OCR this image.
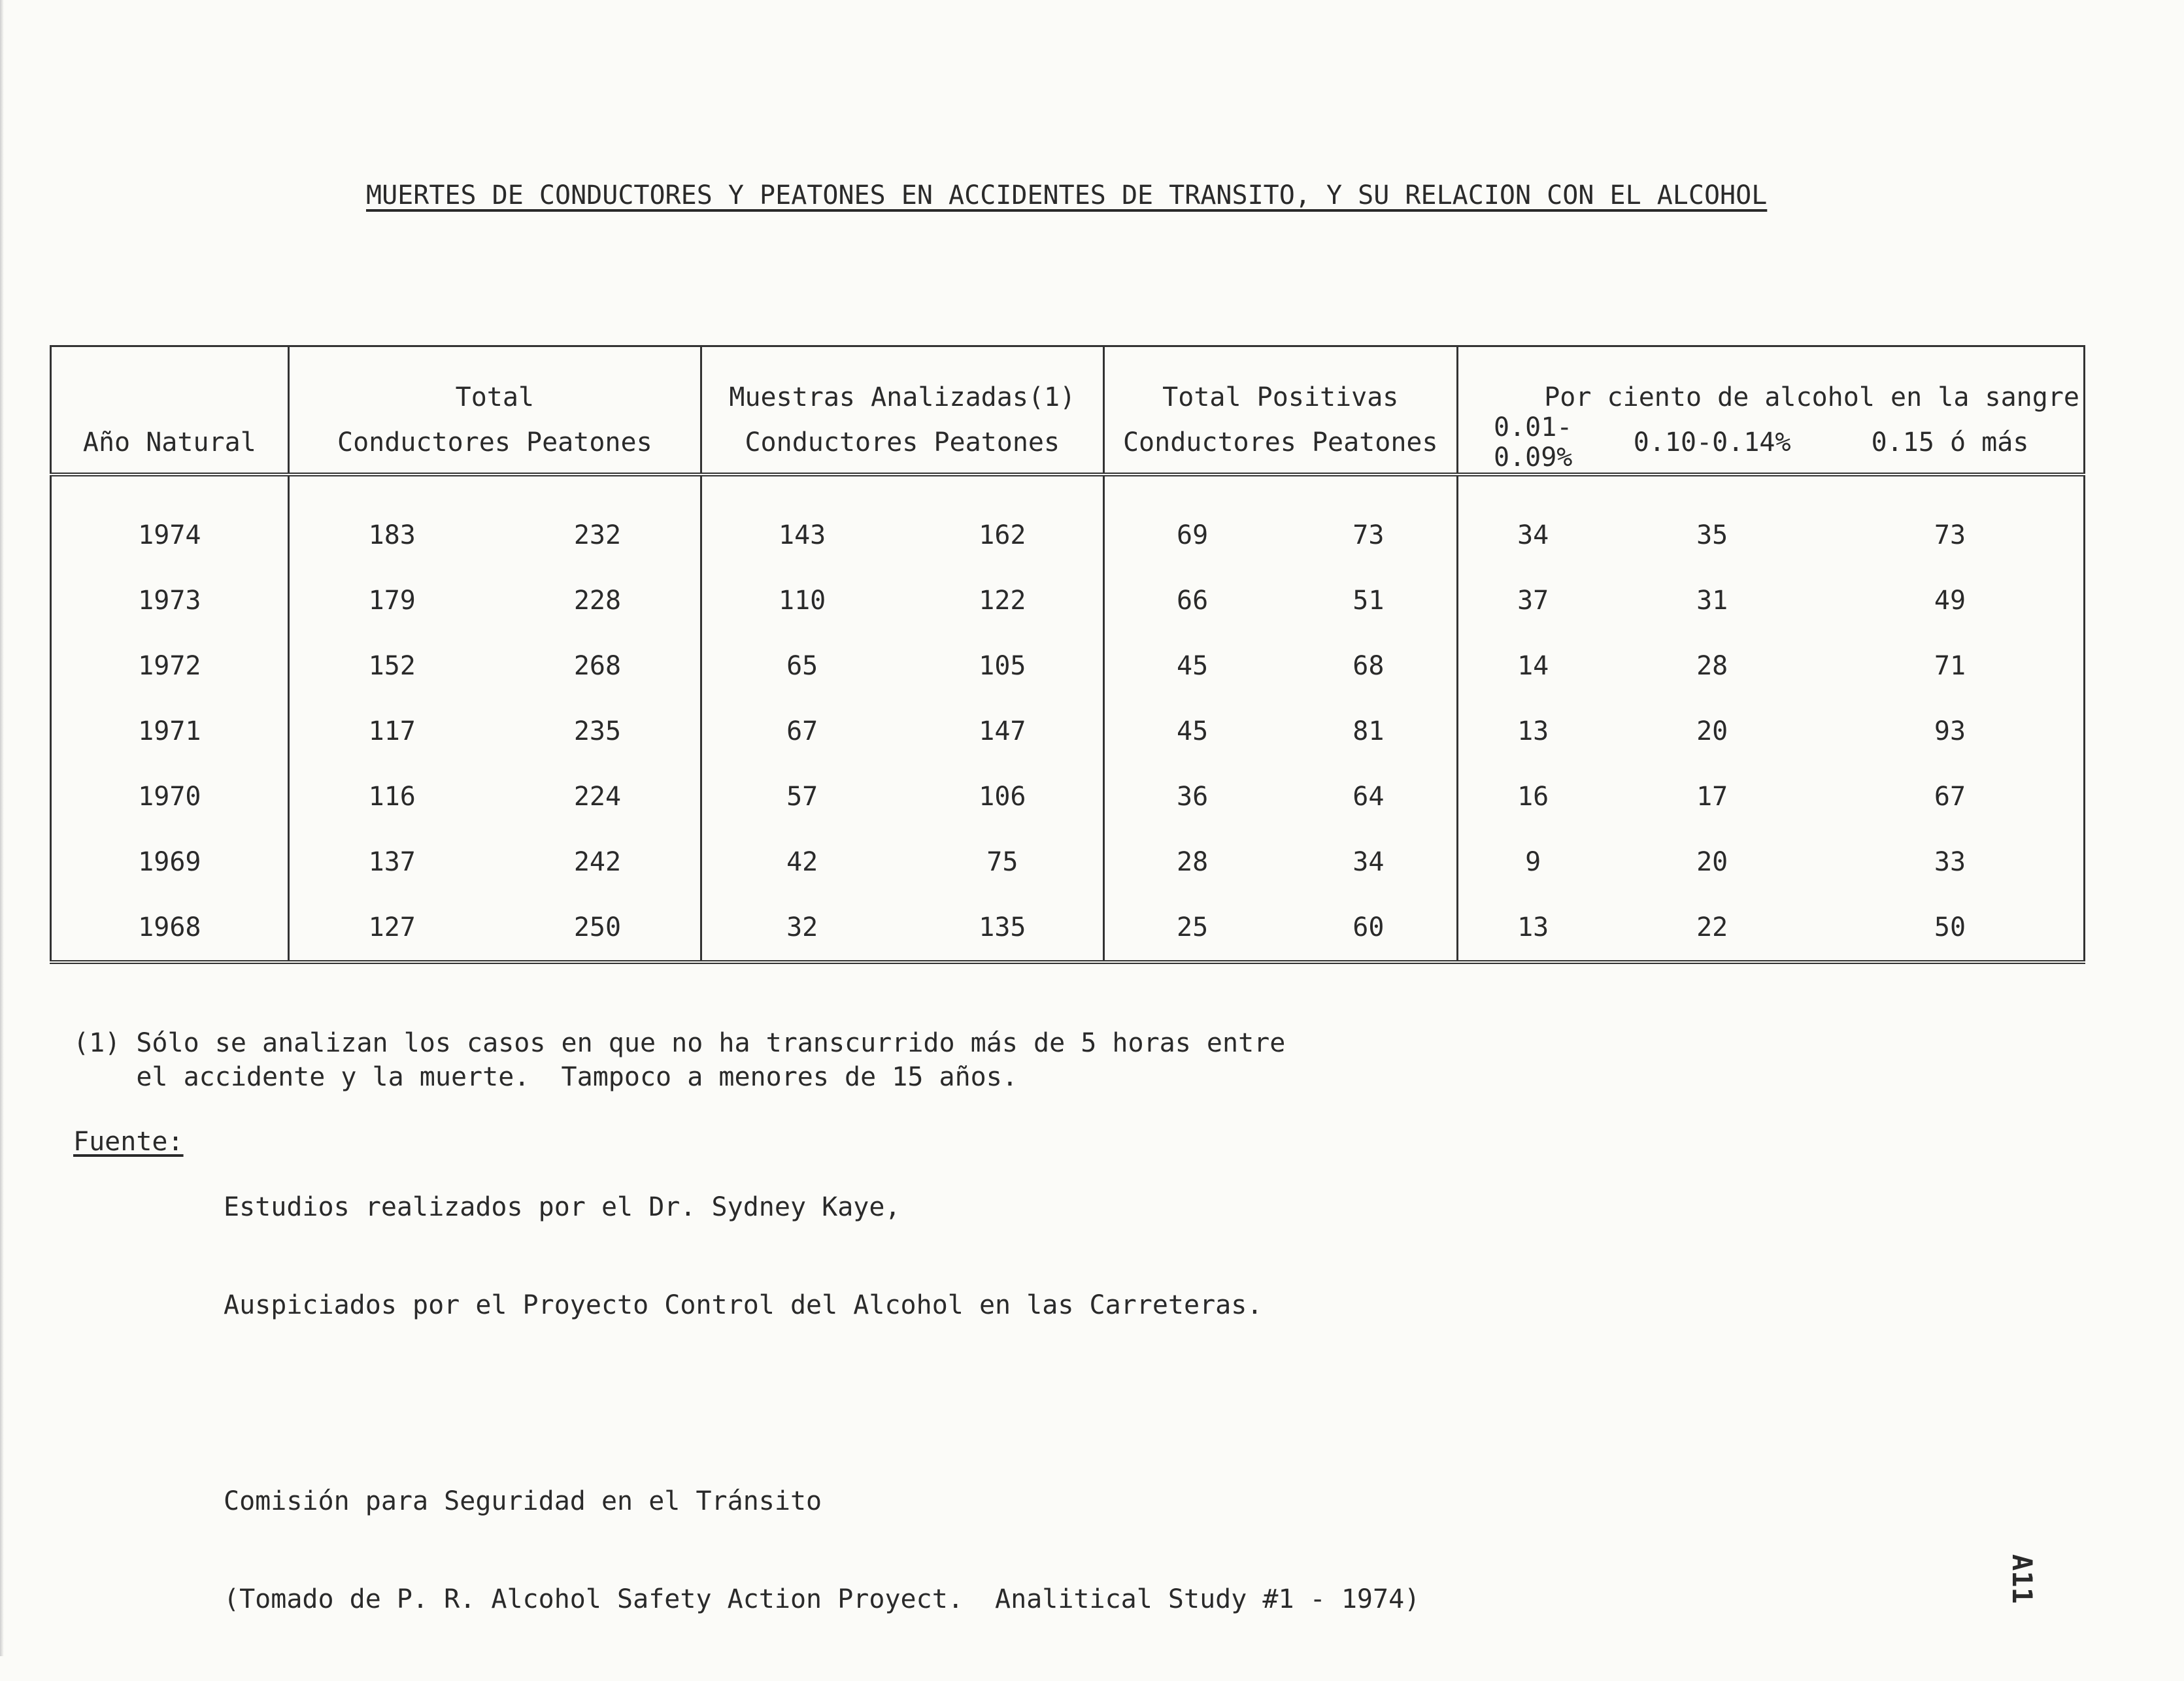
MUERTES DE CONDUCTORES Y PEATONES EN ACCIDENTES DE TRANSITO, Y SU RELACION CON EL ALCOHOL
	Total	Muestras Analizadas(1)	Total Positivas	Por ciento de alcohol en la sangre		
Año Natural	Conductores Peatones	Conductores Peatones	Conductores Peatones	0.01-0.09%	0.10-0.14%	0.15 ó más

1974	183 232	143 162	69 73	34	35	73
1973	179 228	110 122	66 51	37	31	49
1972	152 268	65 105	45 68	14	28	71
1971	117 235	67 147	45 81	13	20	93
1970	116 224	57 106	36 64	16	17	67
1969	137 242	42 75	28 34	9	20	33
1968	127 250	32 135	25 60	13	22	50

(1) Sólo se analizan los casos en que no ha transcurrido más de 5 horas entre

el accidente y la muerte.  Tampoco a menores de 15 años.

Fuente:

Estudios realizados por el Dr. Sydney Kaye,

Auspiciados por el Proyecto Control del Alcohol en las Carreteras.

Comisión para Seguridad en el Tránsito

(Tomado de P. R. Alcohol Safety Action Proyect.  Analitical Study #1 - 1974)

	A11
